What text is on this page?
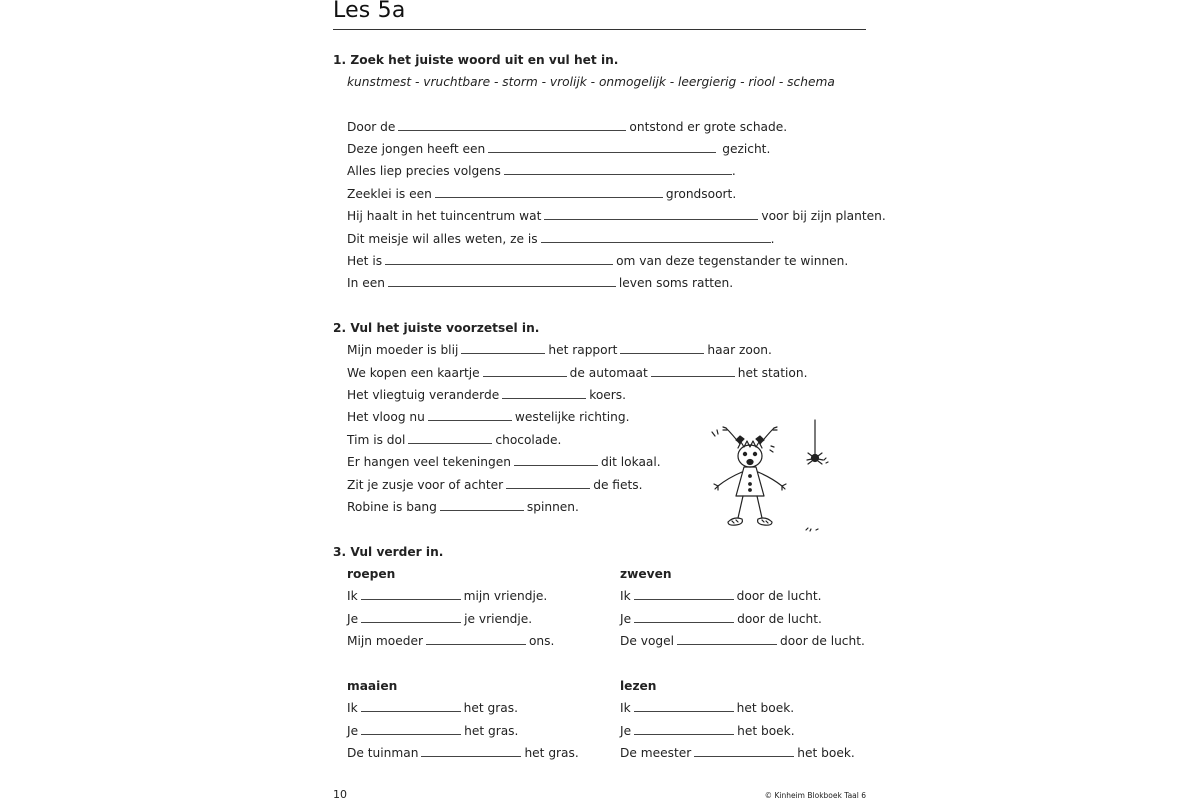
Les 5a
1. Zoek het juiste woord uit en vul het in.
kunstmest - vruchtbare - storm - vrolijk - onmogelijk - leergierig - riool - schema
Door de	ontstond er grote schade.
Deze jongen heeft een	gezicht.
Alles liep precies volgens	.
Zeeklei is een	grondsoort.
Hij haalt in het tuincentrum wat	voor bij zijn planten.
Dit meisje wil alles weten, ze is	.
Het is	om van deze tegenstander te winnen.
In een	leven soms ratten.
2. Vul het juiste voorzetsel in.
Mijn moeder is blij	het rapport	haar zoon.
We kopen een kaartje	de automaat	het station.
Het vliegtuig veranderde	koers.
Het vloog nu	westelijke richting.
Tim is dol	chocolade.
Er hangen veel tekeningen	dit lokaal.
Zit je zusje voor of achter	de fiets.
Robine is bang	spinnen.
3. Vul verder in.
roepen
Ik	mijn vriendje.
Je	je vriendje.
Mijn moeder	ons.
zweven
Ik	door de lucht.
Je	door de lucht.
De vogel	door de lucht.
maaien
Ik	het gras.
Je	het gras.
De tuinman	het gras.
lezen
Ik	het boek.
Je	het boek.
De meester	het boek.
10	© Kinheim Blokboek Taal 6
